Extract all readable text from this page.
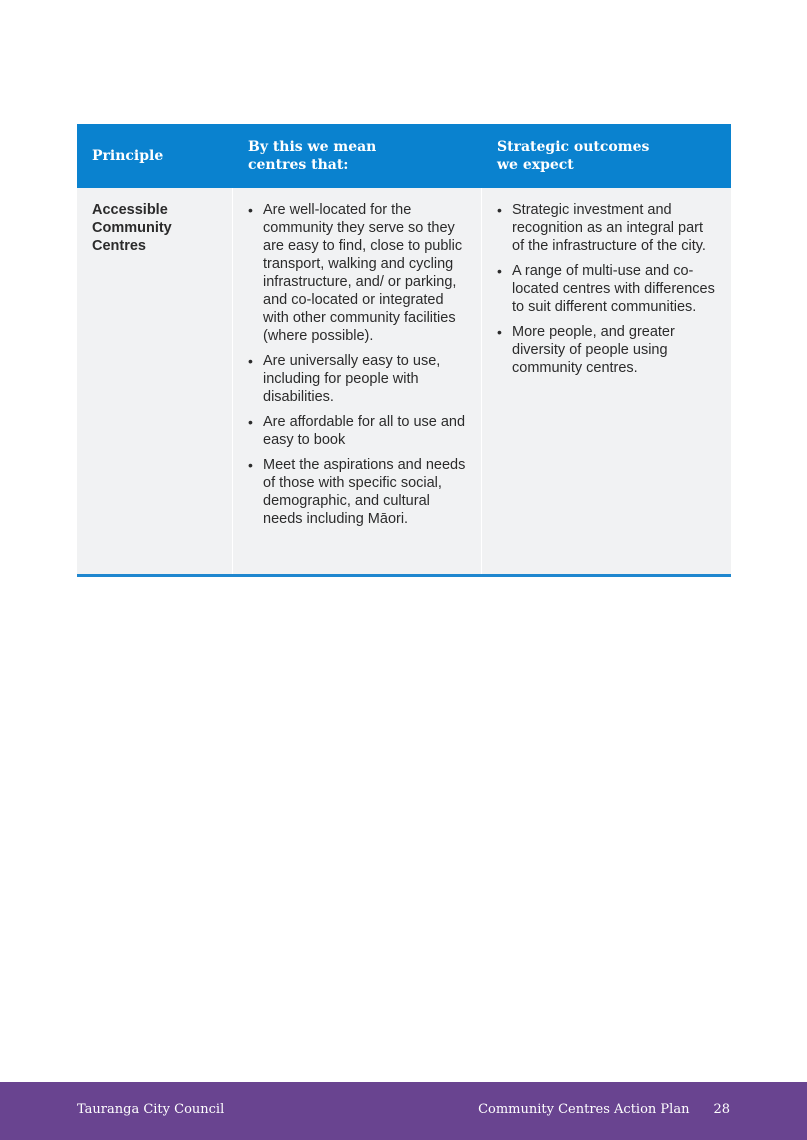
Principle
By this we mean
centres that:
Strategic outcomes
we expect
Accessible
Community
Centres
• Are well-located for the community they serve so they are easy to find, close to public transport, walking and cycling infrastructure, and/ or parking, and co-located or integrated with other community facilities (where possible).
• Are universally easy to use, including for people with disabilities.
• Are affordable for all to use and easy to book
• Meet the aspirations and needs of those with specific social, demographic, and cultural needs including Māori.
• Strategic investment and recognition as an integral part of the infrastructure of the city.
• A range of multi-use and co-located centres with differences to suit different communities.
• More people, and greater diversity of people using community centres.
Tauranga City Council	Community Centres Action Plan 28
